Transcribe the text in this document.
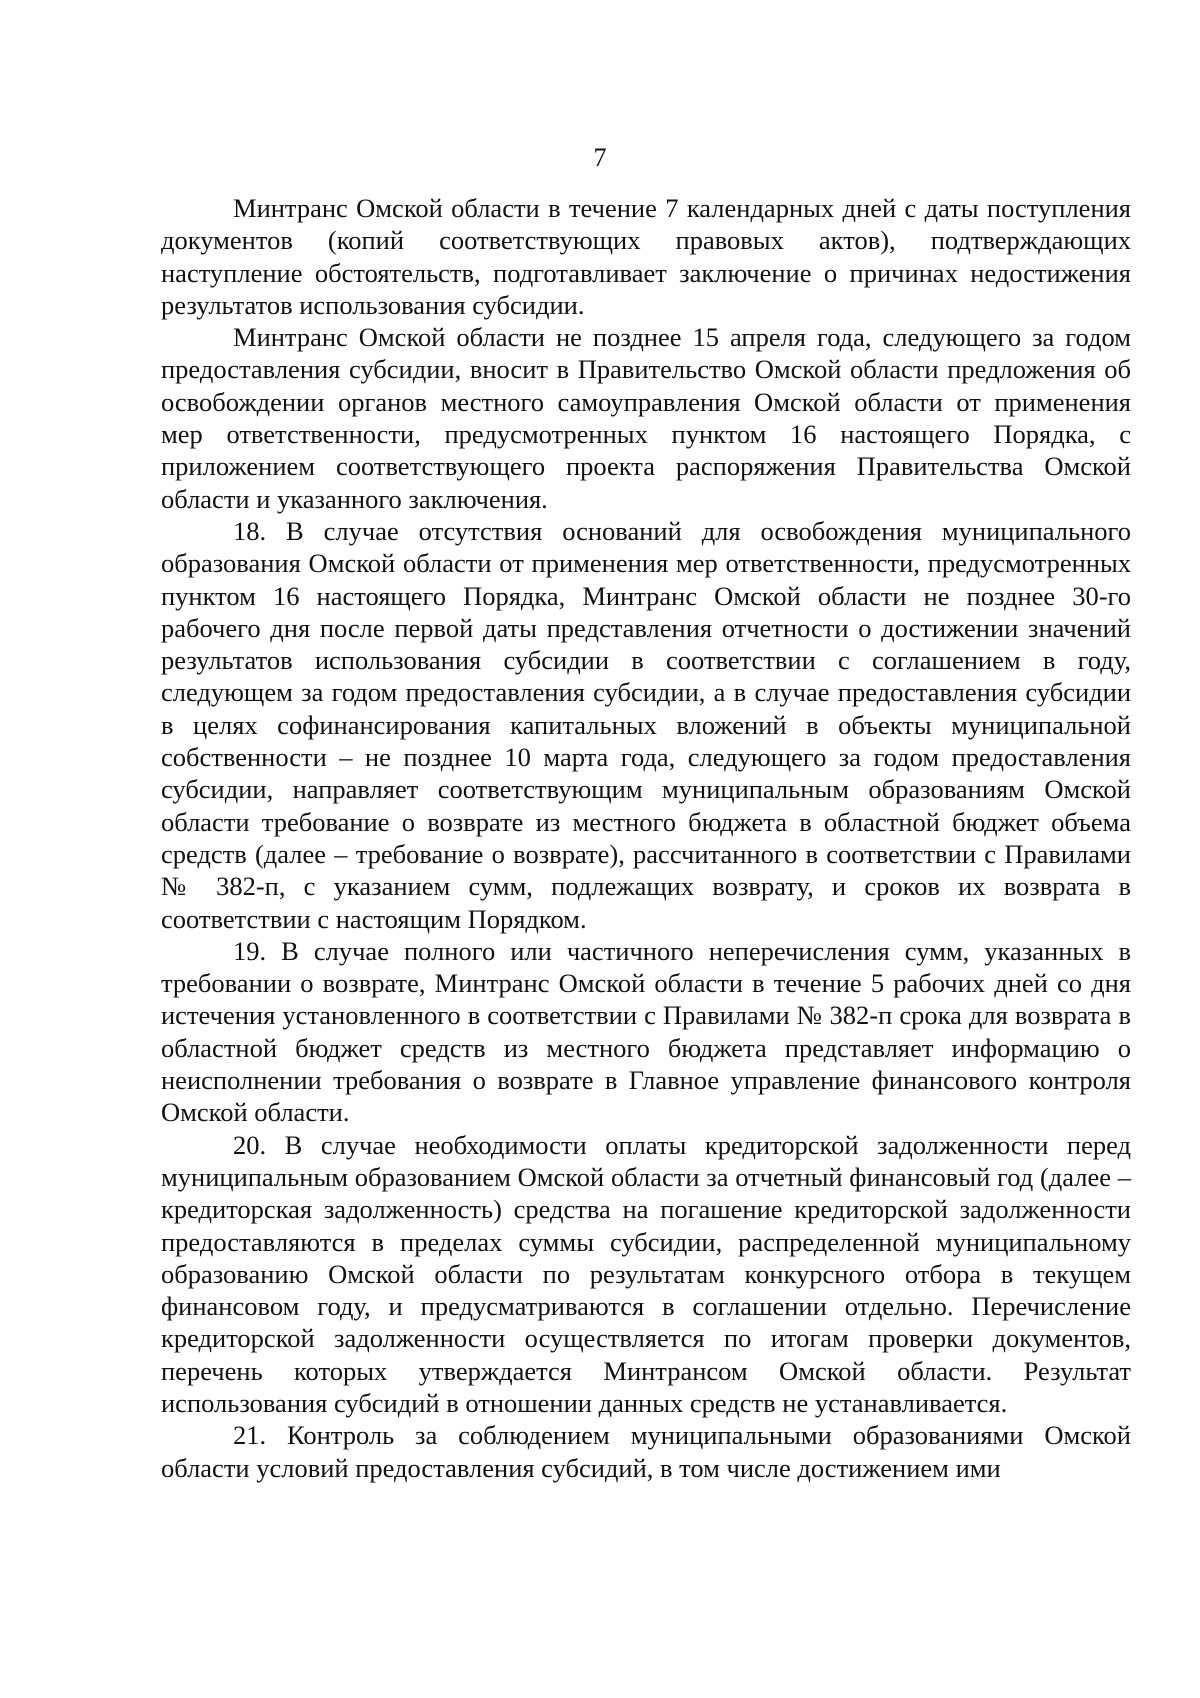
7

Минтранс Омской области в течение 7 календарных дней с даты поступления документов (копий соответствующих правовых актов), подтверждающих наступление обстоятельств, подготавливает заключение о причинах недостижения результатов использования субсидии.

Минтранс Омской области не позднее 15 апреля года, следующего за годом предоставления субсидии, вносит в Правительство Омской области предложения об освобождении органов местного самоуправления Омской области от применения мер ответственности, предусмотренных пунктом 16 настоящего Порядка, с приложением соответствующего проекта распоряжения Правительства Омской области и указанного заключения.

18. В случае отсутствия оснований для освобождения муниципального образования Омской области от применения мер ответственности, предусмотренных пунктом 16 настоящего Порядка, Минтранс Омской области не позднее 30-го рабочего дня после первой даты представления отчетности о достижении значений результатов использования субсидии в соответствии с соглашением в году, следующем за годом предоставления субсидии, а в случае предоставления субсидии в целях софинансирования капитальных вложений в объекты муниципальной собственности – не позднее 10 марта года, следующего за годом предоставления субсидии, направляет соответствующим муниципальным образованиям Омской области требование о возврате из местного бюджета в областной бюджет объема средств (далее – требование о возврате), рассчитанного в соответствии с Правилами № 382-п, с указанием сумм, подлежащих возврату, и сроков их возврата в соответствии с настоящим Порядком.

19. В случае полного или частичного неперечисления сумм, указанных в требовании о возврате, Минтранс Омской области в течение 5 рабочих дней со дня истечения установленного в соответствии с Правилами № 382-п срока для возврата в областной бюджет средств из местного бюджета представляет информацию о неисполнении требования о возврате в Главное управление финансового контроля Омской области.

20. В случае необходимости оплаты кредиторской задолженности перед муниципальным образованием Омской области за отчетный финансовый год (далее – кредиторская задолженность) средства на погашение кредиторской задолженности предоставляются в пределах суммы субсидии, распределенной муниципальному образованию Омской области по результатам конкурсного отбора в текущем финансовом году, и предусматриваются в соглашении отдельно. Перечисление кредиторской задолженности осуществляется по итогам проверки документов, перечень которых утверждается Минтрансом Омской области. Результат использования субсидий в отношении данных средств не устанавливается.

21. Контроль за соблюдением муниципальными образованиями Омской области условий предоставления субсидий, в том числе достижением ими
